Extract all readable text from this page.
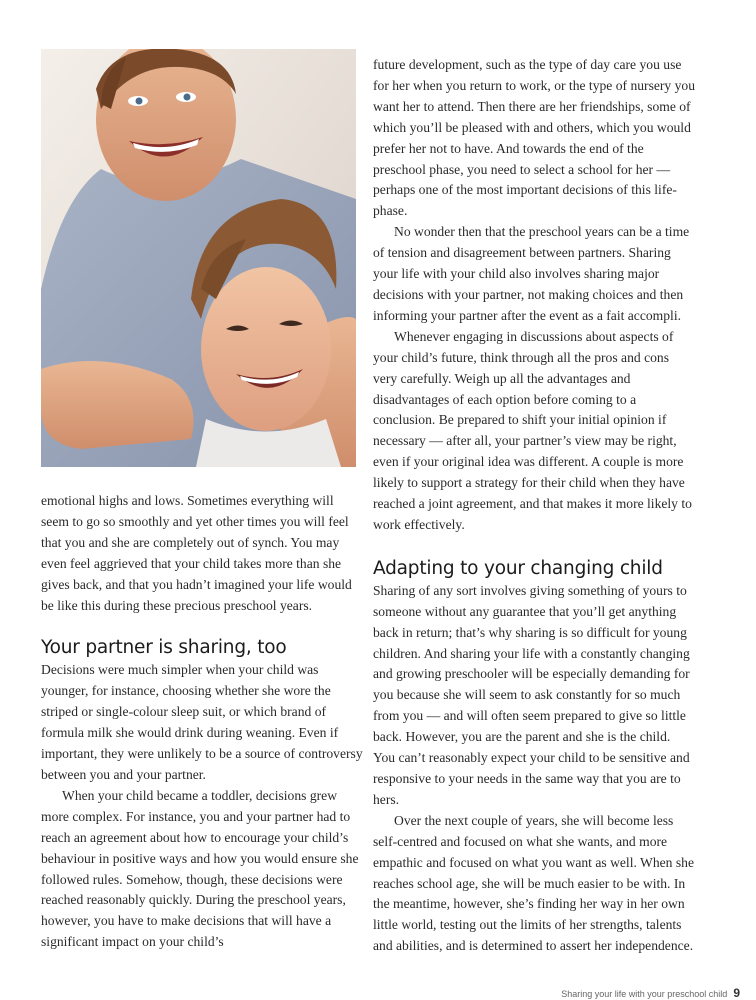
emotional highs and lows. Sometimes everything will seem to go so smoothly and yet other times you will feel that you and she are completely out of synch. You may even feel aggrieved that your child takes more than she gives back, and that you hadn’t imagined your life would be like this during these precious preschool years.

Your partner is sharing, too

Decisions were much simpler when your child was younger, for instance, choosing whether she wore the striped or single-colour sleep suit, or which brand of formula milk she would drink during weaning. Even if important, they were unlikely to be a source of controversy between you and your partner.

When your child became a toddler, decisions grew more complex. For instance, you and your partner had to reach an agreement about how to encourage your child’s behaviour in positive ways and how you would ensure she followed rules. Somehow, though, these decisions were reached reasonably quickly. During the preschool years, however, you have to make decisions that will have a significant impact on your child’s

future development, such as the type of day care you use for her when you return to work, or the type of nursery you want her to attend. Then there are her friendships, some of which you’ll be pleased with and others, which you would prefer her not to have. And towards the end of the preschool phase, you need to select a school for her — perhaps one of the most important decisions of this life-phase.

No wonder then that the preschool years can be a time of tension and disagreement between partners. Sharing your life with your child also involves sharing major decisions with your partner, not making choices and then informing your partner after the event as a fait accompli.

Whenever engaging in discussions about aspects of your child’s future, think through all the pros and cons very carefully. Weigh up all the advantages and disadvantages of each option before coming to a conclusion. Be prepared to shift your initial opinion if necessary — after all, your partner’s view may be right, even if your original idea was different. A couple is more likely to support a strategy for their child when they have reached a joint agreement, and that makes it more likely to work effectively.

Adapting to your changing child

Sharing of any sort involves giving something of yours to someone without any guarantee that you’ll get anything back in return; that’s why sharing is so difficult for young children. And sharing your life with a constantly changing and growing preschooler will be especially demanding for you because she will seem to ask constantly for so much from you — and will often seem prepared to give so little back. However, you are the parent and she is the child. You can’t reasonably expect your child to be sensitive and responsive to your needs in the same way that you are to hers.

Over the next couple of years, she will become less self-centred and focused on what she wants, and more empathic and focused on what you want as well. When she reaches school age, she will be much easier to be with. In the meantime, however, she’s finding her way in her own little world, testing out the limits of her strengths, talents and abilities, and is determined to assert her independence.

Sharing your life with your preschool child 9
